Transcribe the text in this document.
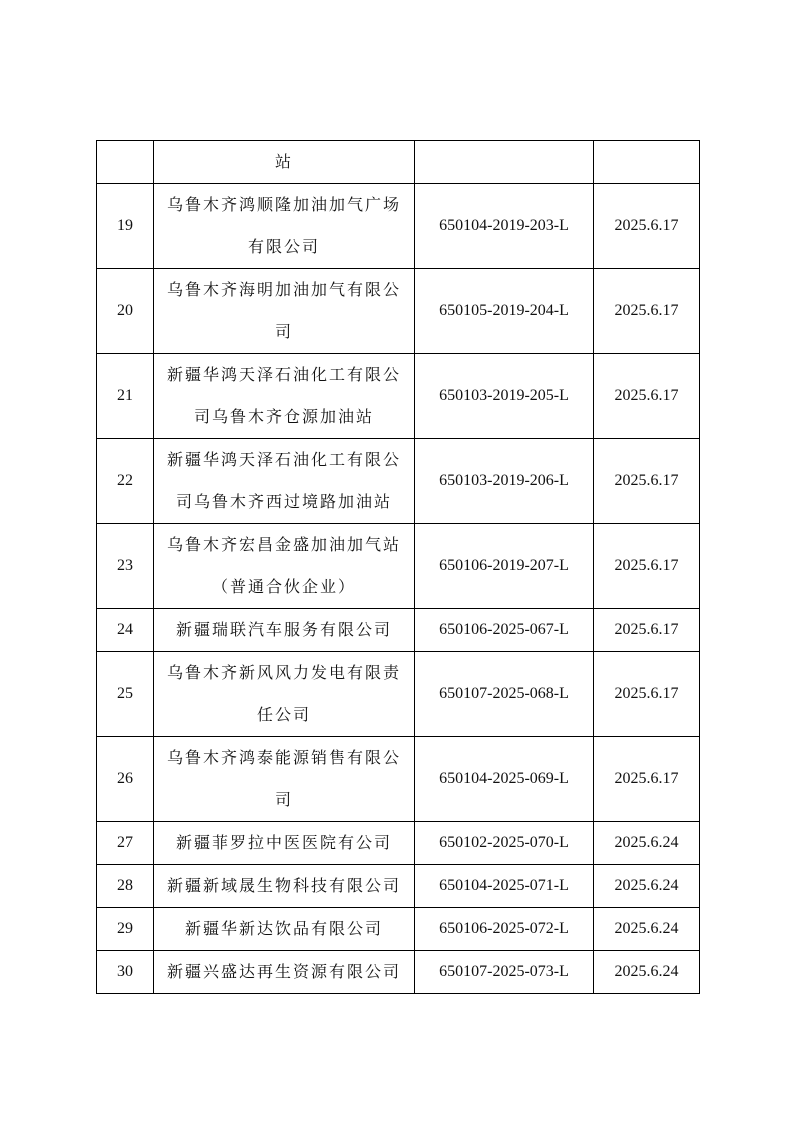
	站		
19	乌鲁木齐鸿顺隆加油加气广场有限公司	650104-2019-203-L	2025.6.17
20	乌鲁木齐海明加油加气有限公司	650105-2019-204-L	2025.6.17
21	新疆华鸿天泽石油化工有限公司乌鲁木齐仓源加油站	650103-2019-205-L	2025.6.17
22	新疆华鸿天泽石油化工有限公司乌鲁木齐西过境路加油站	650103-2019-206-L	2025.6.17
23	乌鲁木齐宏昌金盛加油加气站（普通合伙企业）	650106-2019-207-L	2025.6.17
24	新疆瑞联汽车服务有限公司	650106-2025-067-L	2025.6.17
25	乌鲁木齐新风风力发电有限责任公司	650107-2025-068-L	2025.6.17
26	乌鲁木齐鸿泰能源销售有限公司	650104-2025-069-L	2025.6.17
27	新疆菲罗拉中医医院有公司	650102-2025-070-L	2025.6.24
28	新疆新域晟生物科技有限公司	650104-2025-071-L	2025.6.24
29	新疆华新达饮品有限公司	650106-2025-072-L	2025.6.24
30	新疆兴盛达再生资源有限公司	650107-2025-073-L	2025.6.24
